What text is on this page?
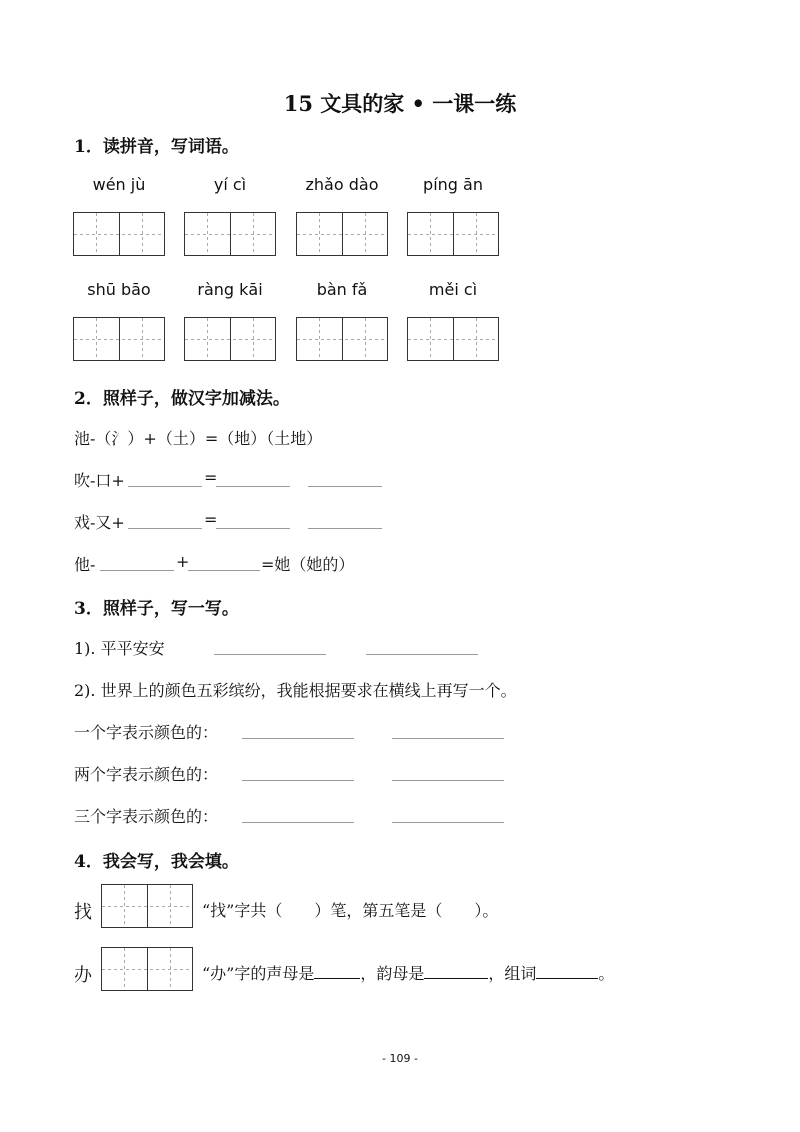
15 文具的家 • 一课一练
1．读拼音，写词语。
wén jù	yí cì	zhǎo dào	píng ān
shū bāo	ràng kāi	bàn fǎ	měi cì
2．照样子，做汉字加减法。
池-（氵）+（土）=（地）（土地）
吹-口+	=
戏-又+	=
他-	+	=她（她的）
3．照样子，写一写。
1). 平平安安
2). 世界上的颜色五彩缤纷，我能根据要求在横线上再写一个。
一个字表示颜色的：
两个字表示颜色的：
三个字表示颜色的：
4．我会写，我会填。
找	“找”字共（　　）笔，第五笔是（　　）。
办	“办”字的声母是	，韵母是	，组词	。
- 109 -
